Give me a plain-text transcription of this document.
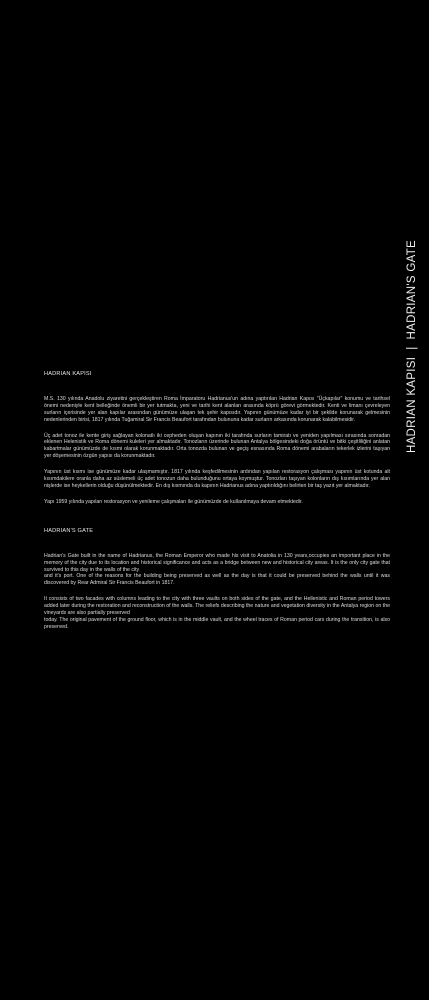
HADRIAN KAPISI
|
HADRIAN'S GATE
HADRIAN KAPISI

M.S. 130 yılında Anadolu ziyaretini gerçekleştiren Roma İmparatoru Hadrianus'un adına yaptırılan Hadrian Kapısı "Üçkapılar" konumu ve tarihsel önemi nedeniyle kent belleğinde önemli bir yer tutmakta, yeni ve tarihi kent alanları arasında köprü görevi görmektedir. Kenti ve limanı çevreleyen surların içerisinde yer alan kapılar arasından günümüze ulaşan tek şehir kapısıdır. Yapının günümüze kadar iyi bir şekilde korunarak gelmesinin nedenlerinden birisi, 1817 yılında Tuğamiral Sir Francis Beaufort tarafından bulununa kadar surların arkasında korunarak kalabilmesidir.

Üç adet tonoz ile kente giriş sağlayan kolonatlı iki cepheden oluşan kapının iki tarafında surların tamiratı ve yeniden yapılması sırasında sonradan eklenen Helenistik ve Roma dönemi kuleleri yer almaktadır. Tonozların üzerinde bulunan Antalya bölgesindeki doğa örüntü ve bitki çeşitliliğini anlatan kabartmalar günümüzde de kısmi olarak korunmaktadır. Orta tonozda bulunan ve geçiş esnasında Roma dönemi arabaların tekerlek izlerini taşıyan yer döşemesinin özgün yapısı da korunmaktadır.

Yapının üst kısmı ise günümüze kadar ulaşmamıştır. 1817 yılında keşfedilmesinin ardından yapılan restorasyon çalışması yapının üst kotunda alt kısımdakilere oranla daha az süslemeli üç adet tonozun daha bulunduğunu ortaya koymuştur. Tonozları taşıyan kolonların dış kısımlarında yer alan nişlerde ise heykellerin olduğu düşünülmektedir. En dış kısmında da kapının Hadrianus adına yaptırıldığını belirten bir taş yazıt yer almaktadır.

Yapı 1959 yılında yapılan restorasyon ve yenileme çalışmaları ile günümüzde de kullanılmaya devam etmektedir.

HADRIAN'S GATE

Hadrian's Gate built in the name of Hadrianus, the Roman Emperor who made his visit to Anatolia in 130 years,occupies an important place in the memory of the city due to its location and historical significance and acts as a bridge between new and historical city areas. It is the only city gate that survived to this day in the walls of the city
and it's port. One of the reasons for the building being preserved as well as the day is that it could be preserved behind the walls until it was discovered by Rear Admiral Sir Francis Beaufort in 1817.

It consists of two facades with columns leading to the city with three vaults on both sides of the gate, and the Hellenistic and Roman period towers added later during the restoration and reconstruction of the walls. The reliefs describing the nature and vegetation diversity in the Antalya region on the vineyards are also partially preserved
today. The original pavement of the ground floor, which is in the middle vault, and the wheel traces of Roman period cars during the transition, is also preserved.
